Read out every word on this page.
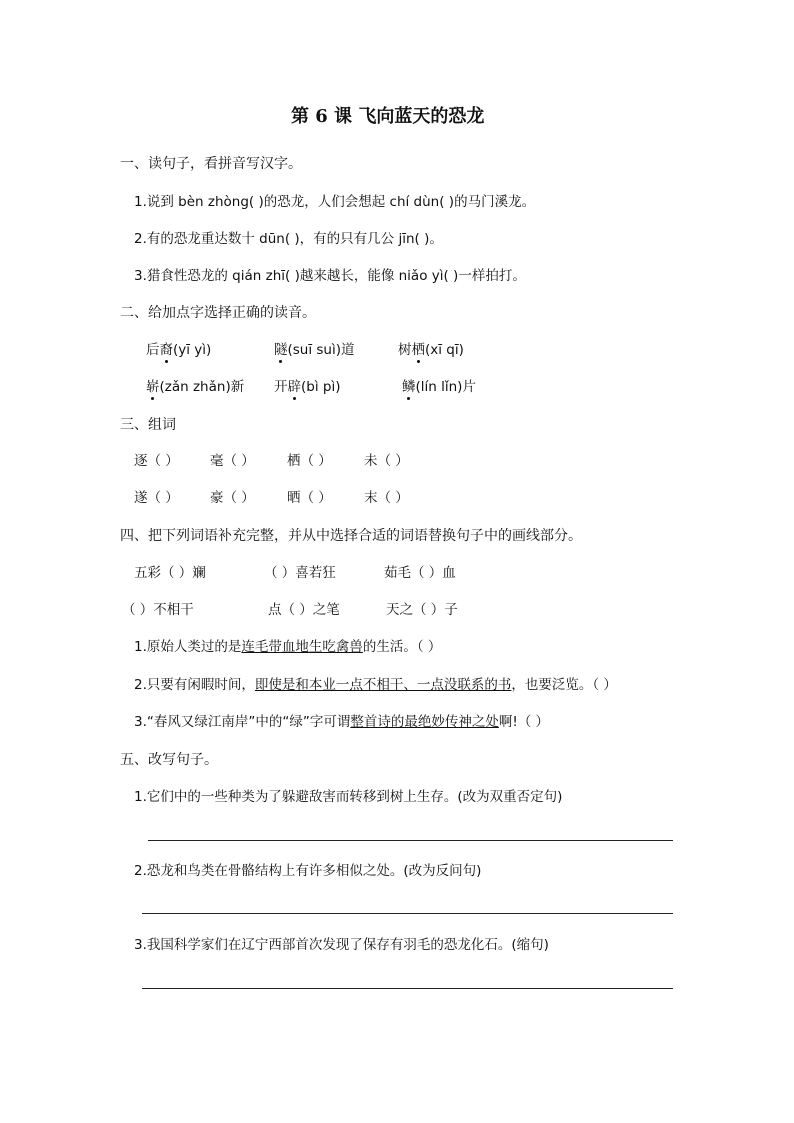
第 6 课 飞向蓝天的恐龙
一、读句子，看拼音写汉字。
1.说到 bèn zhòng( )的恐龙，人们会想起 chí dùn( )的马门溪龙。
2.有的恐龙重达数十 dūn( )，有的只有几公 jīn( )。
3.猎食性恐龙的 qián zhī( )越来越长，能像 niǎo yì( )一样拍打。
二、给加点字选择正确的读音。
后裔(yī yì)	隧(suī suì)道	树栖(xī qī)
崭(zǎn zhǎn)新 开辟(bì pì)	鳞(lín lǐn)片
三、组词
逐（ ） 毫（ ） 栖（ ） 未（ ）
遂（ ） 豪（ ） 晒（ ） 末（ ）
四、把下列词语补充完整，并从中选择合适的词语替换句子中的画线部分。
五彩（ ）斓	（ ）喜若狂	茹毛（ ）血
（ ）不相干	点（ ）之笔	天之（ ）子
1.原始人类过的是连毛带血地生吃禽兽的生活。（ ）
2.只要有闲暇时间，即使是和本业一点不相干、一点没联系的书，也要泛览。（ ）
3.“春风又绿江南岸”中的“绿”字可谓整首诗的最绝妙传神之处啊!（ ）
五、改写句子。
1.它们中的一些种类为了躲避敌害而转移到树上生存。(改为双重否定句)
2.恐龙和鸟类在骨骼结构上有许多相似之处。(改为反问句)
3.我国科学家们在辽宁西部首次发现了保存有羽毛的恐龙化石。(缩句)
